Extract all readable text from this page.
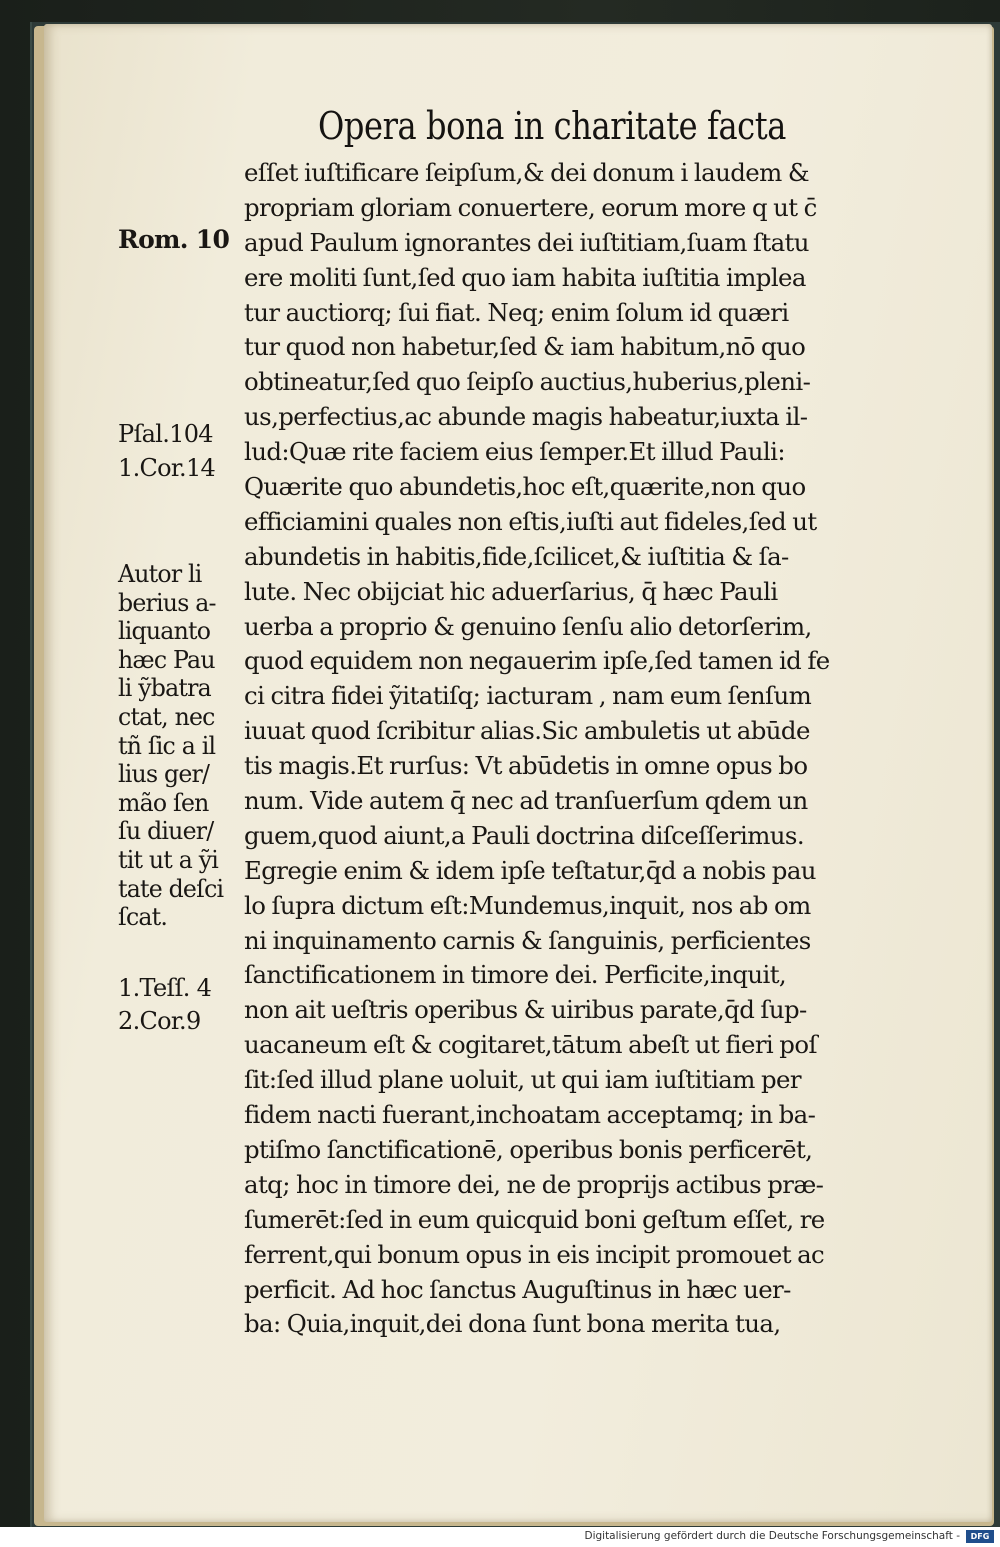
Opera bona in charitate facta
eſſet iuſtificare ſeipſum,& dei donum i laudem &
propriam gloriam conuertere, eorum more q ut c̄
apud Paulum ignorantes dei iuſtitiam,ſuam ſtatu
ere moliti ſunt,ſed quo iam habita iuſtitia implea
tur auctiorq; ſui fiat. Neq; enim ſolum id quæri
tur quod non habetur,ſed & iam habitum,nō quo
obtineatur,ſed quo ſeipſo auctius,huberius,pleni-
us,perfectius,ac abunde magis habeatur,iuxta il-
lud:Quæ rite faciem eius ſemper.Et illud Pauli:
Quærite quo abundetis,hoc eſt,quærite,non quo
efficiamini quales non eſtis,iuſti aut fideles,ſed ut
abundetis in habitis,fide,ſcilicet,& iuſtitia & ſa-
lute. Nec obijciat hic aduerſarius, q̄ hæc Pauli
uerba a proprio & genuino ſenſu alio detorſerim,
quod equidem non negauerim ipſe,ſed tamen id fe
ci citra fidei ỹitatiſq; iacturam , nam eum ſenſum
iuuat quod ſcribitur alias.Sic ambuletis ut abūde
tis magis.Et rurſus: Vt abūdetis in omne opus bo
num. Vide autem q̄ nec ad tranſuerſum qdem un
guem,quod aiunt,a Pauli doctrina diſceſſerimus.
Egregie enim & idem ipſe teſtatur,q̄d a nobis pau
lo ſupra dictum eſt:Mundemus,inquit, nos ab om
ni inquinamento carnis & ſanguinis, perficientes
ſanctificationem in timore dei. Perficite,inquit,
non ait ueſtris operibus & uiribus parate,q̄d ſup-
uacaneum eſt & cogitaret,tātum abeſt ut fieri poſ
ſit:ſed illud plane uoluit, ut qui iam iuſtitiam per
fidem nacti fuerant,inchoatam acceptamq; in ba-
ptiſmo ſanctificationē, operibus bonis perficerēt,
atq; hoc in timore dei, ne de proprijs actibus præ-
ſumerēt:ſed in eum quicquid boni geſtum eſſet, re
ferrent,qui bonum opus in eis incipit promouet ac
perficit. Ad hoc ſanctus Auguſtinus in hæc uer-
ba: Quia,inquit,dei dona ſunt bona merita tua,
Rom. 10
Pſal.104
1.Cor.14
1.Teſſ. 4
2.Cor.9
Autor li
berius a-
liquanto
hæc Pau
li ỹbatra
ctat, nec
tñ ſic a il
lius ger/
mão ſen
ſu diuer/
tit ut a ỹi
tate deſci
ſcat.
Digitalisierung gefördert durch die Deutsche Forschungsgemeinschaft -	DFG
